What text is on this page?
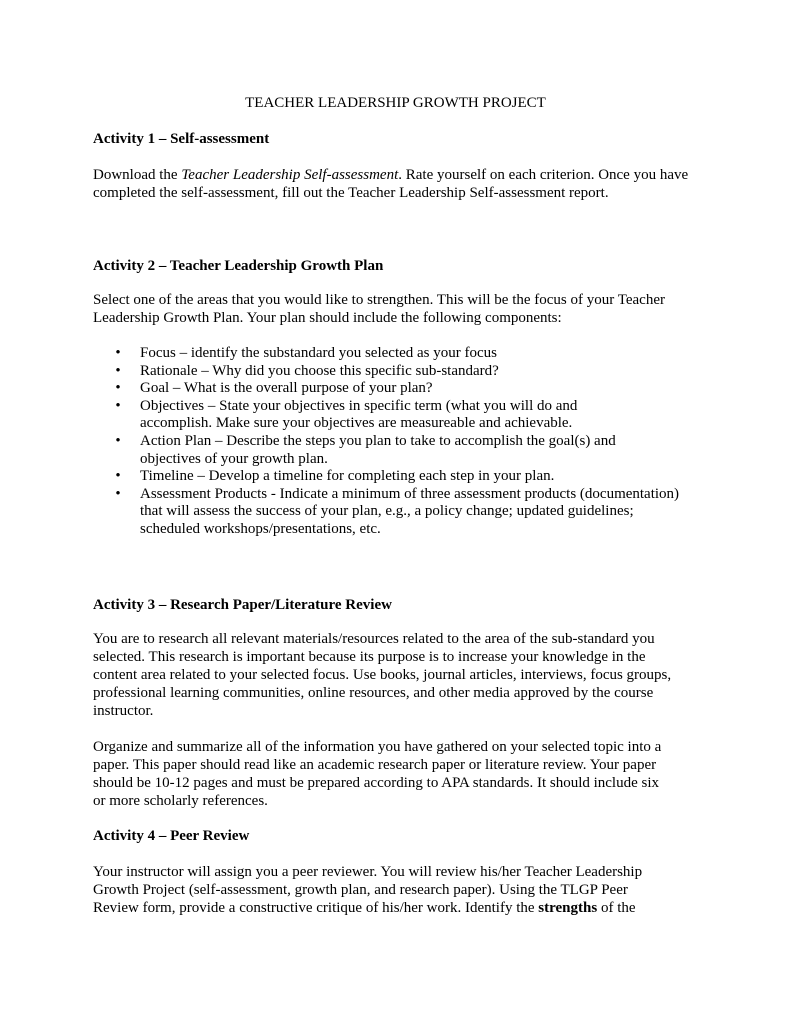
TEACHER LEADERSHIP GROWTH PROJECT

Activity 1 – Self-assessment

Download the Teacher Leadership Self-assessment. Rate yourself on each criterion. Once you have completed the self-assessment, fill out the Teacher Leadership Self-assessment report.

Activity 2 – Teacher Leadership Growth Plan

Select one of the areas that you would like to strengthen. This will be the focus of your Teacher Leadership Growth Plan. Your plan should include the following components:

• Focus – identify the substandard you selected as your focus
• Rationale – Why did you choose this specific sub-standard?
• Goal – What is the overall purpose of your plan?
• Objectives – State your objectives in specific term (what you will do and
accomplish. Make sure your objectives are measureable and achievable.
• Action Plan – Describe the steps you plan to take to accomplish the goal(s) and
objectives of your growth plan.
• Timeline – Develop a timeline for completing each step in your plan.
• Assessment Products - Indicate a minimum of three assessment products (documentation)
that will assess the success of your plan, e.g., a policy change; updated guidelines;
scheduled workshops/presentations, etc.

Activity 3 – Research Paper/Literature Review

You are to research all relevant materials/resources related to the area of the sub-standard you
selected. This research is important because its purpose is to increase your knowledge in the
content area related to your selected focus. Use books, journal articles, interviews, focus groups,
professional learning communities, online resources, and other media approved by the course
instructor.

Organize and summarize all of the information you have gathered on your selected topic into a
paper. This paper should read like an academic research paper or literature review. Your paper
should be 10-12 pages and must be prepared according to APA standards. It should include six
or more scholarly references.

Activity 4 – Peer Review

Your instructor will assign you a peer reviewer. You will review his/her Teacher Leadership
Growth Project (self-assessment, growth plan, and research paper). Using the TLGP Peer
Review form, provide a constructive critique of his/her work. Identify the strengths of the
